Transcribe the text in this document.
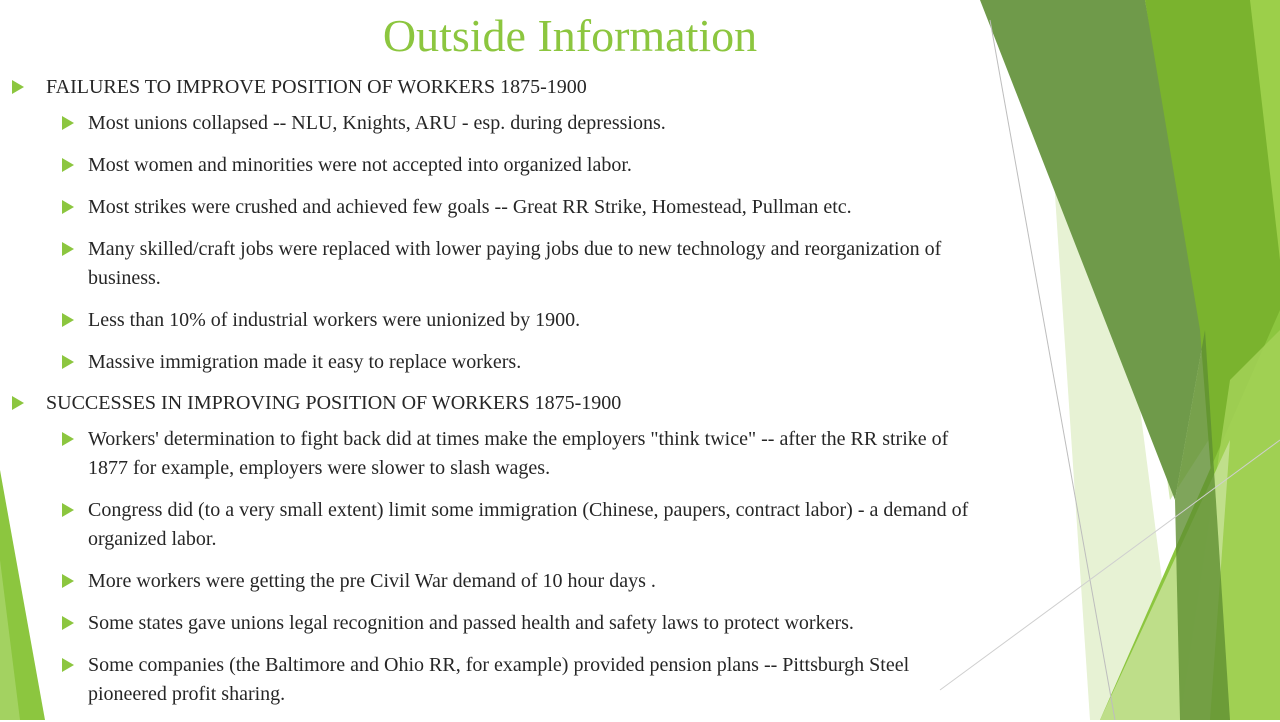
Outside Information
FAILURES TO IMPROVE POSITION OF WORKERS 1875-1900
Most unions collapsed -- NLU, Knights, ARU - esp. during depressions.
Most women and minorities were not accepted into organized labor.
Most strikes were crushed and achieved few goals -- Great RR Strike, Homestead, Pullman etc.
Many skilled/craft jobs were replaced with lower paying jobs due to new technology and reorganization of business.
Less than 10% of industrial workers were unionized by 1900.
Massive immigration made it easy to replace workers.
SUCCESSES IN IMPROVING POSITION OF WORKERS 1875-1900
Workers' determination to fight back did at times make the employers "think twice" -- after the RR strike of 1877 for example, employers were slower to slash wages.
Congress did (to a very small extent) limit some immigration (Chinese, paupers, contract labor) - a demand of organized labor.
More workers were getting the pre Civil War demand of 10 hour days .
Some states gave unions legal recognition and passed health and safety laws to protect workers.
Some companies (the Baltimore and Ohio RR, for example) provided pension plans -- Pittsburgh Steel pioneered profit sharing.
